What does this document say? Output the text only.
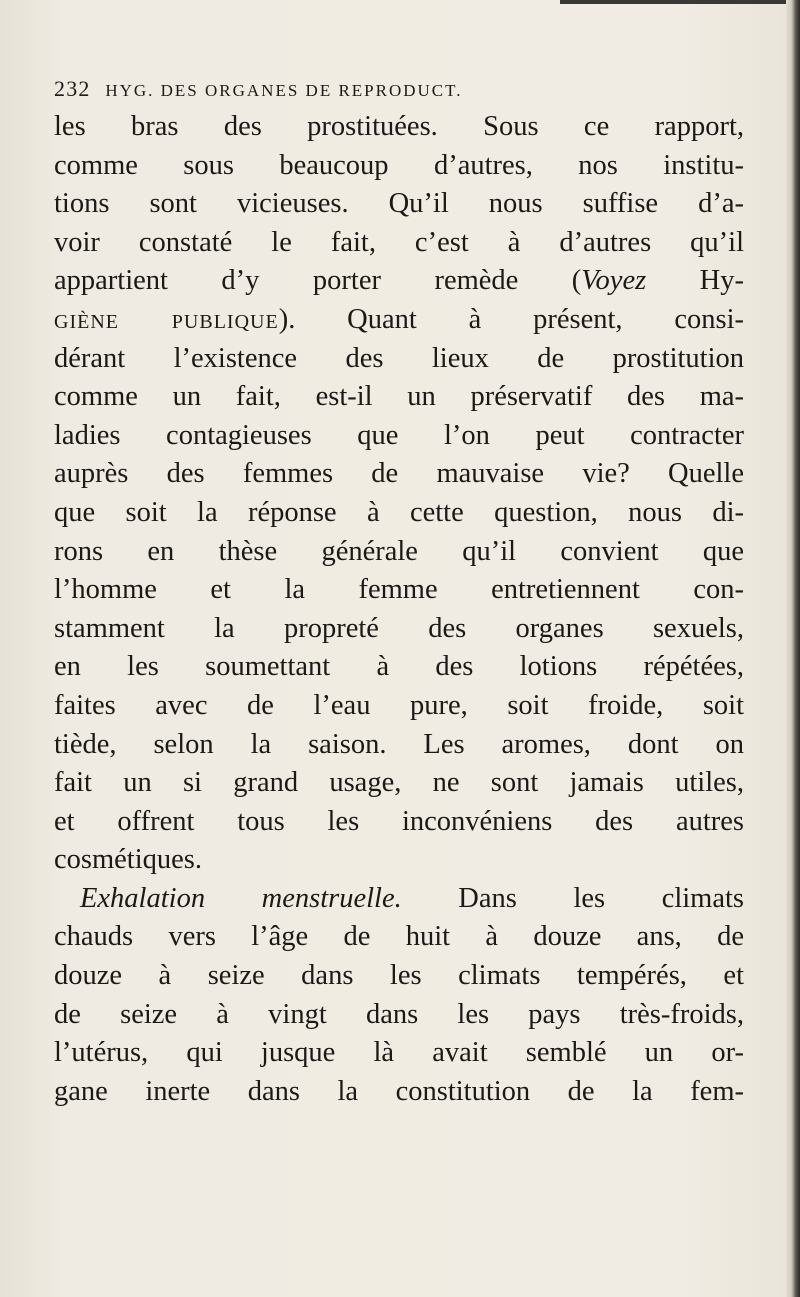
232 HYG. DES ORGANES DE REPRODUCT.
les bras des prostituées. Sous ce rapport,
comme sous beaucoup d’autres, nos institu-
tions sont vicieuses. Qu’il nous suffise d’a-
voir constaté le fait, c’est à d’autres qu’il
appartient d’y porter remède (Voyez Hy-
giène publique). Quant à présent, consi-
dérant l’existence des lieux de prostitution
comme un fait, est-il un préservatif des ma-
ladies contagieuses que l’on peut contracter
auprès des femmes de mauvaise vie? Quelle
que soit la réponse à cette question, nous di-
rons en thèse générale qu’il convient que
l’homme et la femme entretiennent con-
stamment la propreté des organes sexuels,
en les soumettant à des lotions répétées,
faites avec de l’eau pure, soit froide, soit
tiède, selon la saison. Les aromes, dont on
fait un si grand usage, ne sont jamais utiles,
et offrent tous les inconvéniens des autres
cosmétiques.
Exhalation menstruelle. Dans les climats
chauds vers l’âge de huit à douze ans, de
douze à seize dans les climats tempérés, et
de seize à vingt dans les pays très-froids,
l’utérus, qui jusque là avait semblé un or-
gane inerte dans la constitution de la fem-
